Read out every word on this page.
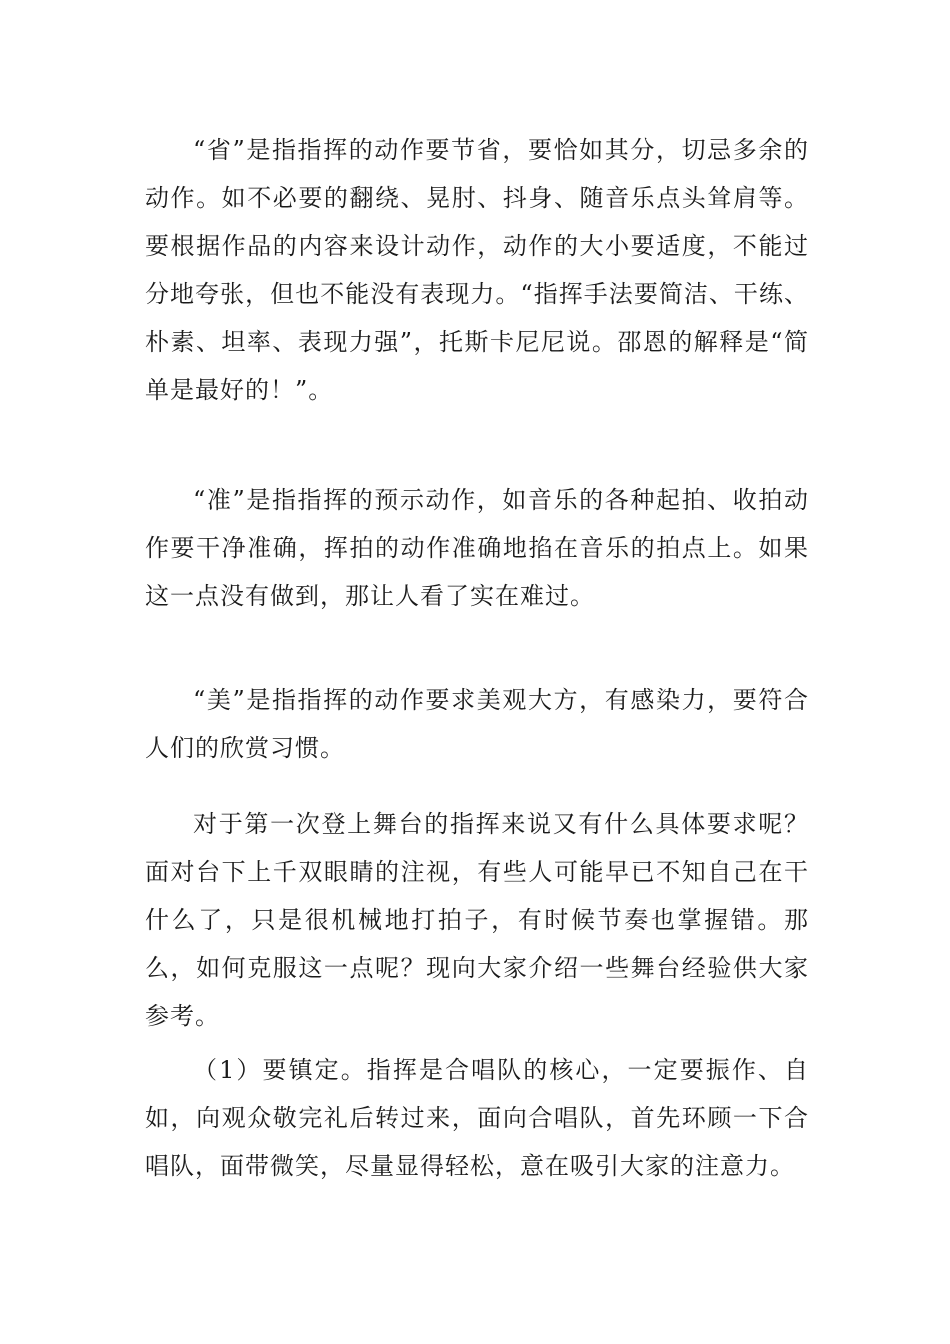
“省”是指指挥的动作要节省，要恰如其分，切忌多余的动作。如不必要的翻绕、晃肘、抖身、随音乐点头耸肩等。要根据作品的内容来设计动作，动作的大小要适度，不能过分地夸张，但也不能没有表现力。“指挥手法要简洁、干练、朴素、坦率、表现力强”，托斯卡尼尼说。邵恩的解释是“简单是最好的！”。

“准”是指指挥的预示动作，如音乐的各种起拍、收拍动作要干净准确，挥拍的动作准确地掐在音乐的拍点上。如果这一点没有做到，那让人看了实在难过。

“美”是指指挥的动作要求美观大方，有感染力，要符合人们的欣赏习惯。

对于第一次登上舞台的指挥来说又有什么具体要求呢？面对台下上千双眼睛的注视，有些人可能早已不知自己在干什么了，只是很机械地打拍子，有时候节奏也掌握错。那么，如何克服这一点呢？现向大家介绍一些舞台经验供大家参考。

（1）要镇定。指挥是合唱队的核心，一定要振作、自如，向观众敬完礼后转过来，面向合唱队，首先环顾一下合唱队，面带微笑，尽量显得轻松，意在吸引大家的注意力。
